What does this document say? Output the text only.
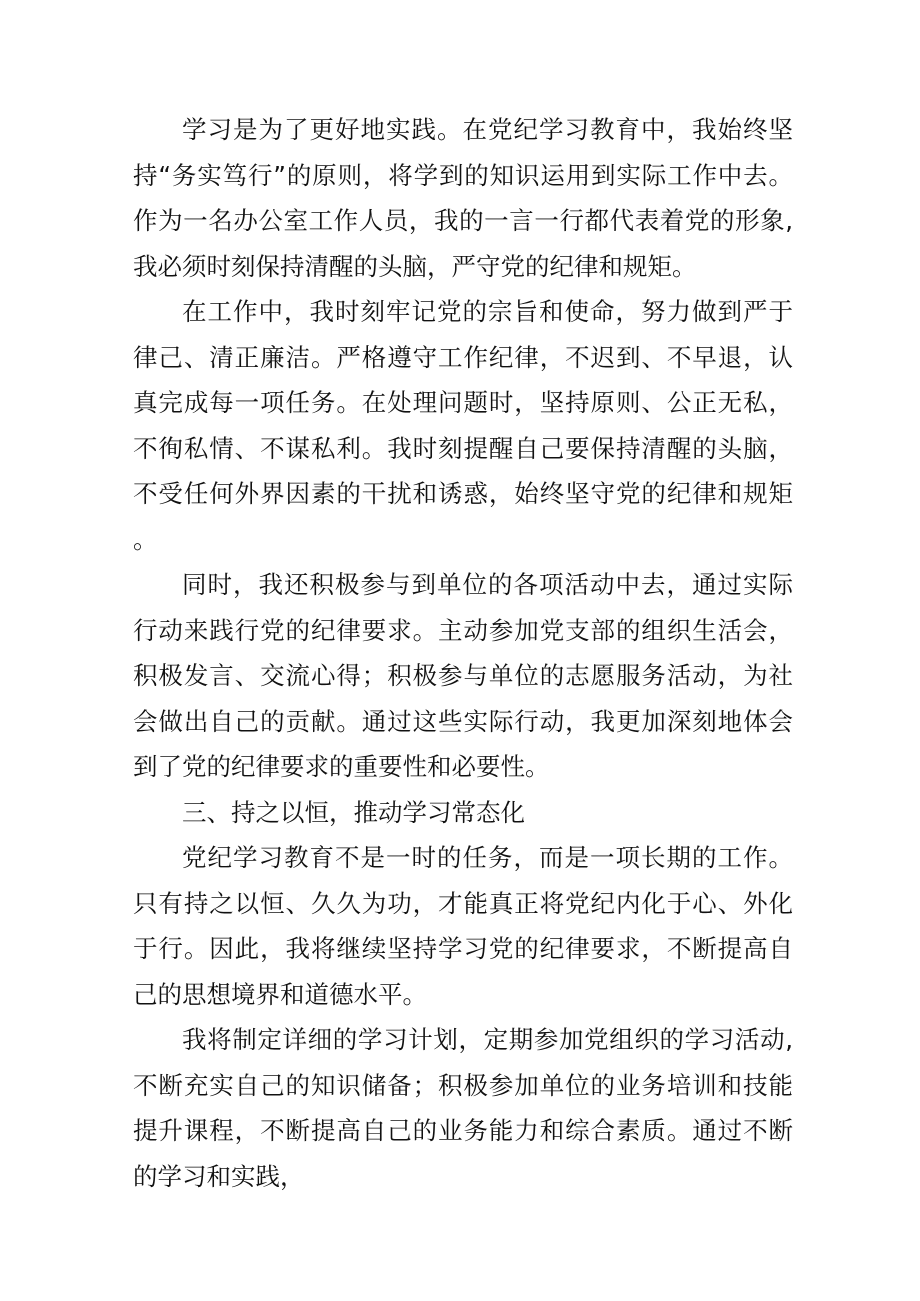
学习是为了更好地实践。在党纪学习教育中，我始终坚持“务实笃行”的原则，将学到的知识运用到实际工作中去。作为一名办公室工作人员，我的一言一行都代表着党的形象,我必须时刻保持清醒的头脑，严守党的纪律和规矩。

在工作中，我时刻牢记党的宗旨和使命，努力做到严于律己、清正廉洁。严格遵守工作纪律，不迟到、不早退，认真完成每一项任务。在处理问题时，坚持原则、公正无私，不徇私情、不谋私利。我时刻提醒自己要保持清醒的头脑，不受任何外界因素的干扰和诱惑，始终坚守党的纪律和规矩。

同时，我还积极参与到单位的各项活动中去，通过实际行动来践行党的纪律要求。主动参加党支部的组织生活会，积极发言、交流心得；积极参与单位的志愿服务活动，为社会做出自己的贡献。通过这些实际行动，我更加深刻地体会到了党的纪律要求的重要性和必要性。

三、持之以恒，推动学习常态化

党纪学习教育不是一时的任务，而是一项长期的工作。只有持之以恒、久久为功，才能真正将党纪内化于心、外化于行。因此，我将继续坚持学习党的纪律要求，不断提高自己的思想境界和道德水平。

我将制定详细的学习计划，定期参加党组织的学习活动,不断充实自己的知识储备；积极参加单位的业务培训和技能提升课程，不断提高自己的业务能力和综合素质。通过不断的学习和实践，
